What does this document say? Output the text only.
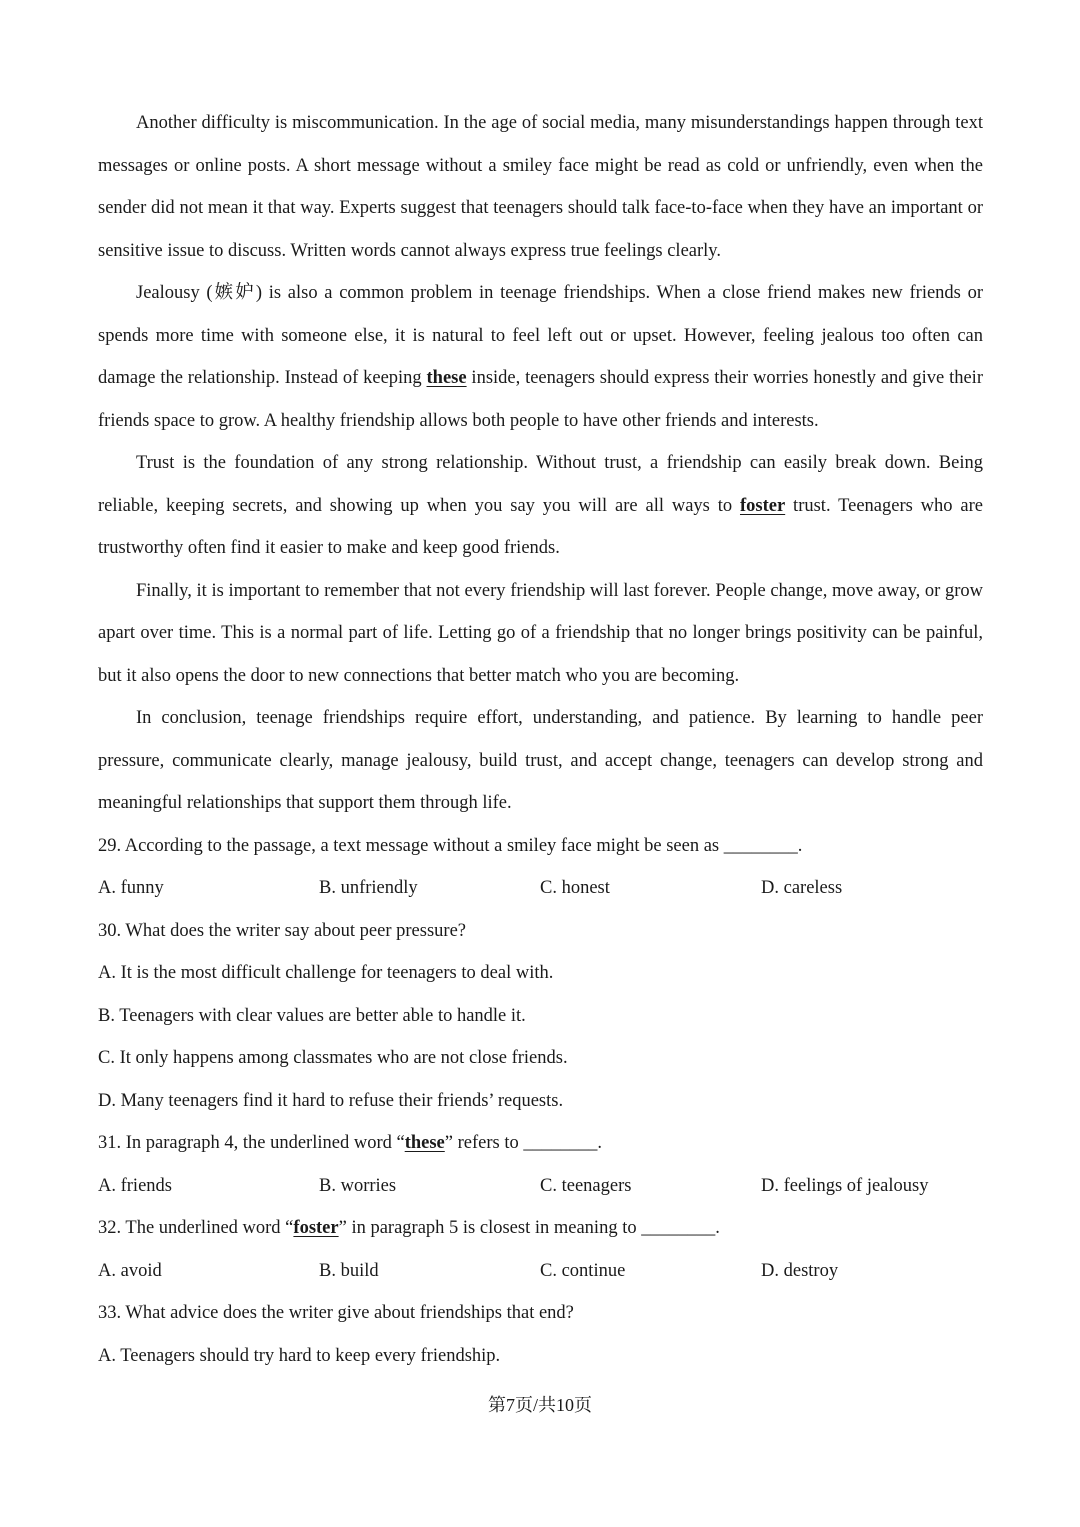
Another difficulty is miscommunication. In the age of social media, many misunderstandings happen through text messages or online posts. A short message without a smiley face might be read as cold or unfriendly, even when the sender did not mean it that way. Experts suggest that teenagers should talk face-to-face when they have an important or sensitive issue to discuss. Written words cannot always express true feelings clearly.

Jealousy (嫉妒) is also a common problem in teenage friendships. When a close friend makes new friends or spends more time with someone else, it is natural to feel left out or upset. However, feeling jealous too often can damage the relationship. Instead of keeping these inside, teenagers should express their worries honestly and give their friends space to grow. A healthy friendship allows both people to have other friends and interests.

Trust is the foundation of any strong relationship. Without trust, a friendship can easily break down. Being reliable, keeping secrets, and showing up when you say you will are all ways to foster trust. Teenagers who are trustworthy often find it easier to make and keep good friends.

Finally, it is important to remember that not every friendship will last forever. People change, move away, or grow apart over time. This is a normal part of life. Letting go of a friendship that no longer brings positivity can be painful, but it also opens the door to new connections that better match who you are becoming.

In conclusion, teenage friendships require effort, understanding, and patience. By learning to handle peer pressure, communicate clearly, manage jealousy, build trust, and accept change, teenagers can develop strong and meaningful relationships that support them through life.

29. According to the passage, a text message without a smiley face might be seen as ________.

A. funny	B. unfriendly	C. honest	D. careless

30. What does the writer say about peer pressure?

A. It is the most difficult challenge for teenagers to deal with.

B. Teenagers with clear values are better able to handle it.

C. It only happens among classmates who are not close friends.

D. Many teenagers find it hard to refuse their friends’ requests.

31. In paragraph 4, the underlined word “these” refers to ________.

A. friends	B. worries	C. teenagers	D. feelings of jealousy

32. The underlined word “foster” in paragraph 5 is closest in meaning to ________.

A. avoid	B. build	C. continue	D. destroy

33. What advice does the writer give about friendships that end?

A. Teenagers should try hard to keep every friendship.

第7页/共10页
